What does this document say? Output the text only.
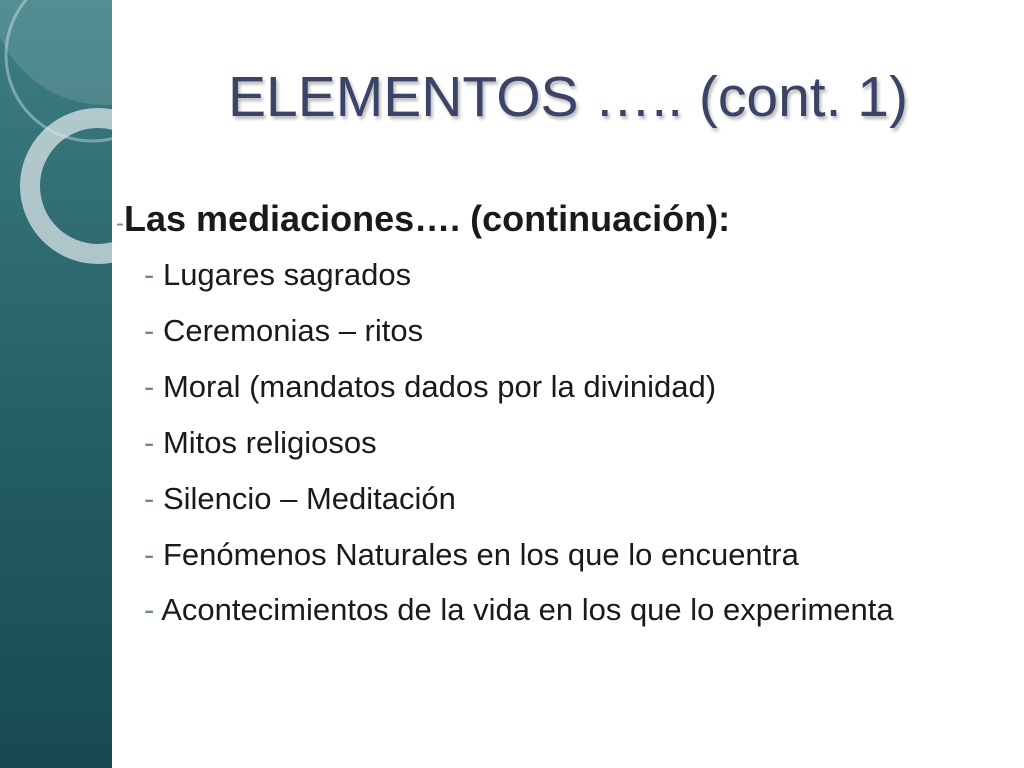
ELEMENTOS ….. (cont. 1)
-Las mediaciones…. (continuación):
- Lugares sagrados
- Ceremonias – ritos
- Moral (mandatos dados por la divinidad)
- Mitos religiosos
- Silencio – Meditación
- Fenómenos Naturales en los que lo encuentra
- Acontecimientos de la vida en los que lo experimenta
